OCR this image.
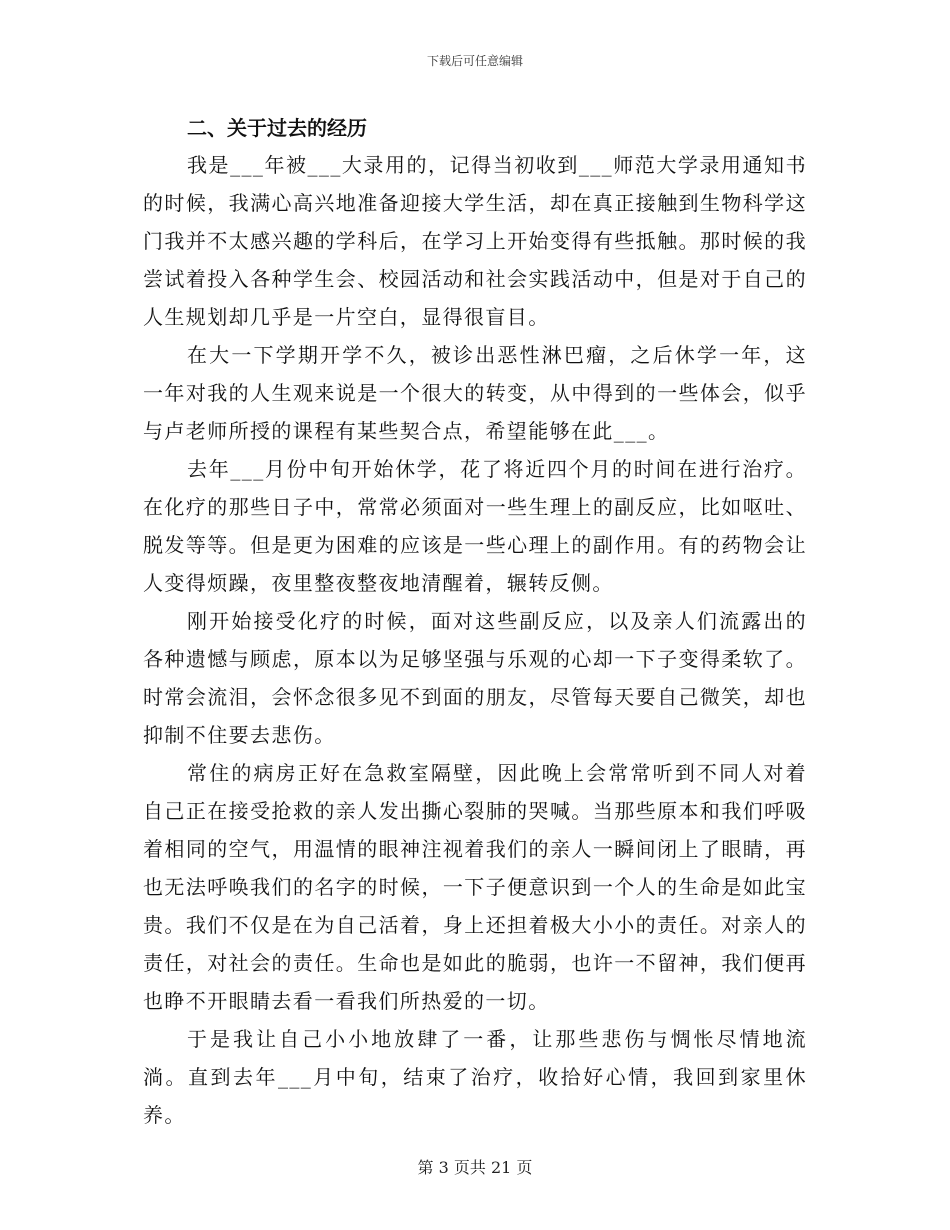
下载后可任意编辑
二、关于过去的经历

我是___年被___大录用的，记得当初收到___师范大学录用通知书的时候，我满心高兴地准备迎接大学生活，却在真正接触到生物科学这门我并不太感兴趣的学科后，在学习上开始变得有些抵触。那时候的我尝试着投入各种学生会、校园活动和社会实践活动中，但是对于自己的人生规划却几乎是一片空白，显得很盲目。

在大一下学期开学不久，被诊出恶性淋巴瘤，之后休学一年，这一年对我的人生观来说是一个很大的转变，从中得到的一些体会，似乎与卢老师所授的课程有某些契合点，希望能够在此___。

去年___月份中旬开始休学，花了将近四个月的时间在进行治疗。在化疗的那些日子中，常常必须面对一些生理上的副反应，比如呕吐、脱发等等。但是更为困难的应该是一些心理上的副作用。有的药物会让人变得烦躁，夜里整夜整夜地清醒着，辗转反侧。

刚开始接受化疗的时候，面对这些副反应，以及亲人们流露出的各种遗憾与顾虑，原本以为足够坚强与乐观的心却一下子变得柔软了。时常会流泪，会怀念很多见不到面的朋友，尽管每天要自己微笑，却也抑制不住要去悲伤。

常住的病房正好在急救室隔壁，因此晚上会常常听到不同人对着自己正在接受抢救的亲人发出撕心裂肺的哭喊。当那些原本和我们呼吸着相同的空气，用温情的眼神注视着我们的亲人一瞬间闭上了眼睛，再也无法呼唤我们的名字的时候，一下子便意识到一个人的生命是如此宝贵。我们不仅是在为自己活着，身上还担着极大小小的责任。对亲人的责任，对社会的责任。生命也是如此的脆弱，也许一不留神，我们便再也睁不开眼睛去看一看我们所热爱的一切。

于是我让自己小小地放肆了一番，让那些悲伤与惆怅尽情地流淌。直到去年___月中旬，结束了治疗，收拾好心情，我回到家里休养。

第 3 页共 21 页
